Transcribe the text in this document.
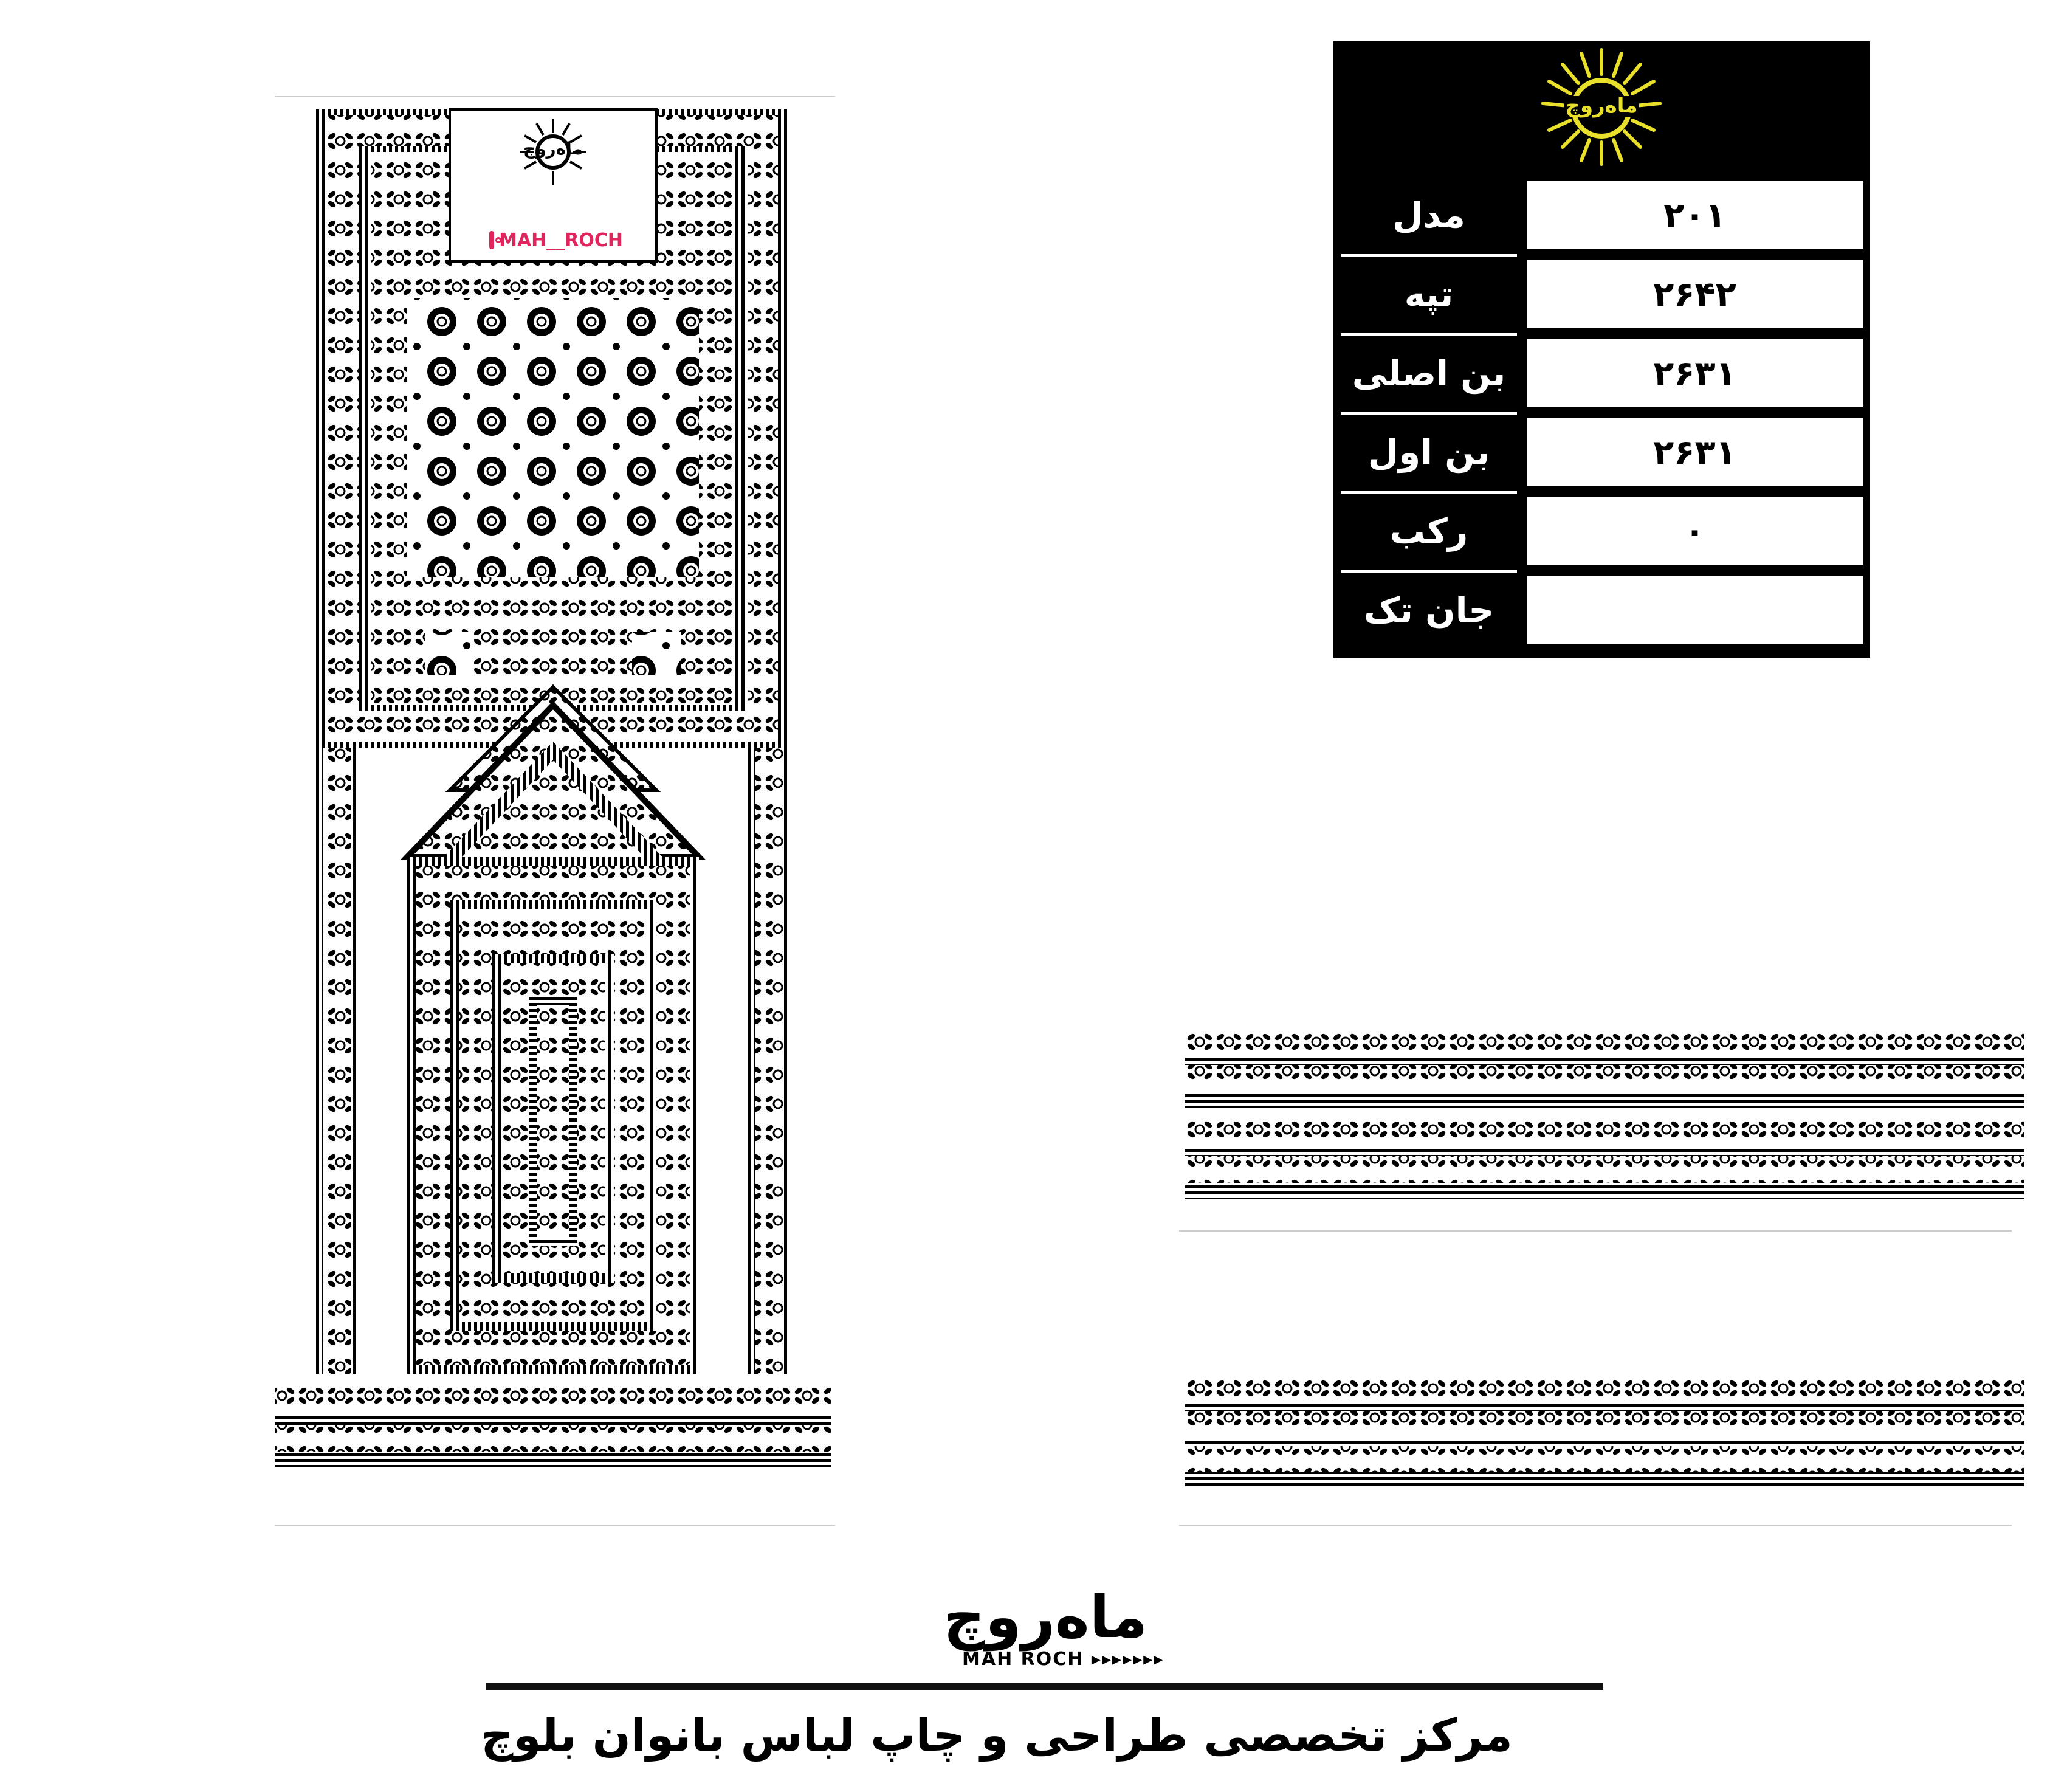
ماه‌روچ
MAH__ROCH
ماه‌روچ
مدل	۲۰۱
تپه	۲۶۴۲
بن اصلی	۲۶۳۱
بن اول	۲۶۳۱
رکب	۰
جان تک
ماه‌روچ
MAH ROCH ▸▸▸▸▸▸▸
مرکز تخصصی طراحی و چاپ لباس بانوان بلوچ
